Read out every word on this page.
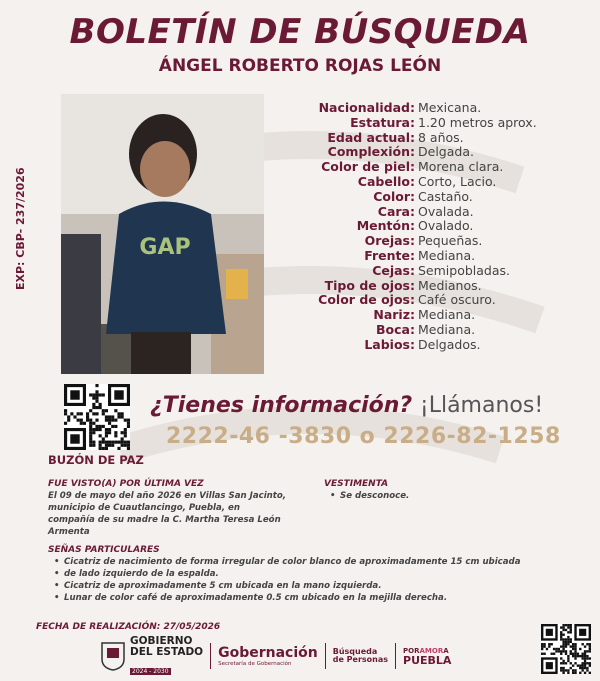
BOLETÍN DE BÚSQUEDA
ÁNGEL ROBERTO ROJAS LEÓN
EXP: CBP- 237/2026	GAP
Nacionalidad: Mexicana.
Estatura: 1.20 metros aprox.
Edad actual: 8 años.
Complexión: Delgada.
Color de piel: Morena clara.
Cabello: Corto, Lacio.
Color: Castaño.
Cara: Ovalada.
Mentón: Ovalado.
Orejas: Pequeñas.
Frente: Mediana.
Cejas: Semipobladas.
Tipo de ojos: Medianos.
Color de ojos: Café oscuro.
Nariz: Mediana.
Boca: Mediana.
Labios: Delgados.
BUZÓN DE PAZ
¿Tienes información? ¡Llámanos!
2222-46 -3830 o 2226-82-1258
FUE VISTO(A) POR ÚLTIMA VEZ
El 09 de mayo del año 2026 en Villas San Jacinto,
municipio de Cuautlancingo, Puebla, en
compañía de su madre la C. Martha Teresa León
Armenta
VESTIMENTA
• Se desconoce.
SEÑAS PARTICULARES
• Cicatriz de nacimiento de forma irregular de color blanco de aproximadamente 15 cm ubicada
• de lado izquierdo de la espalda.
• Cicatriz de aproximadamente 5 cm ubicada en la mano izquierda.
• Lunar de color café de aproximadamente 0.5 cm ubicado en la mejilla derecha.
FECHA DE REALIZACIÓN: 27/05/2026
GOBIERNO
DEL ESTADO
2024 - 2030
Gobernación
Secretaría de Gobernación
Búsqueda
de Personas
PORAMORA
PUEBLA
